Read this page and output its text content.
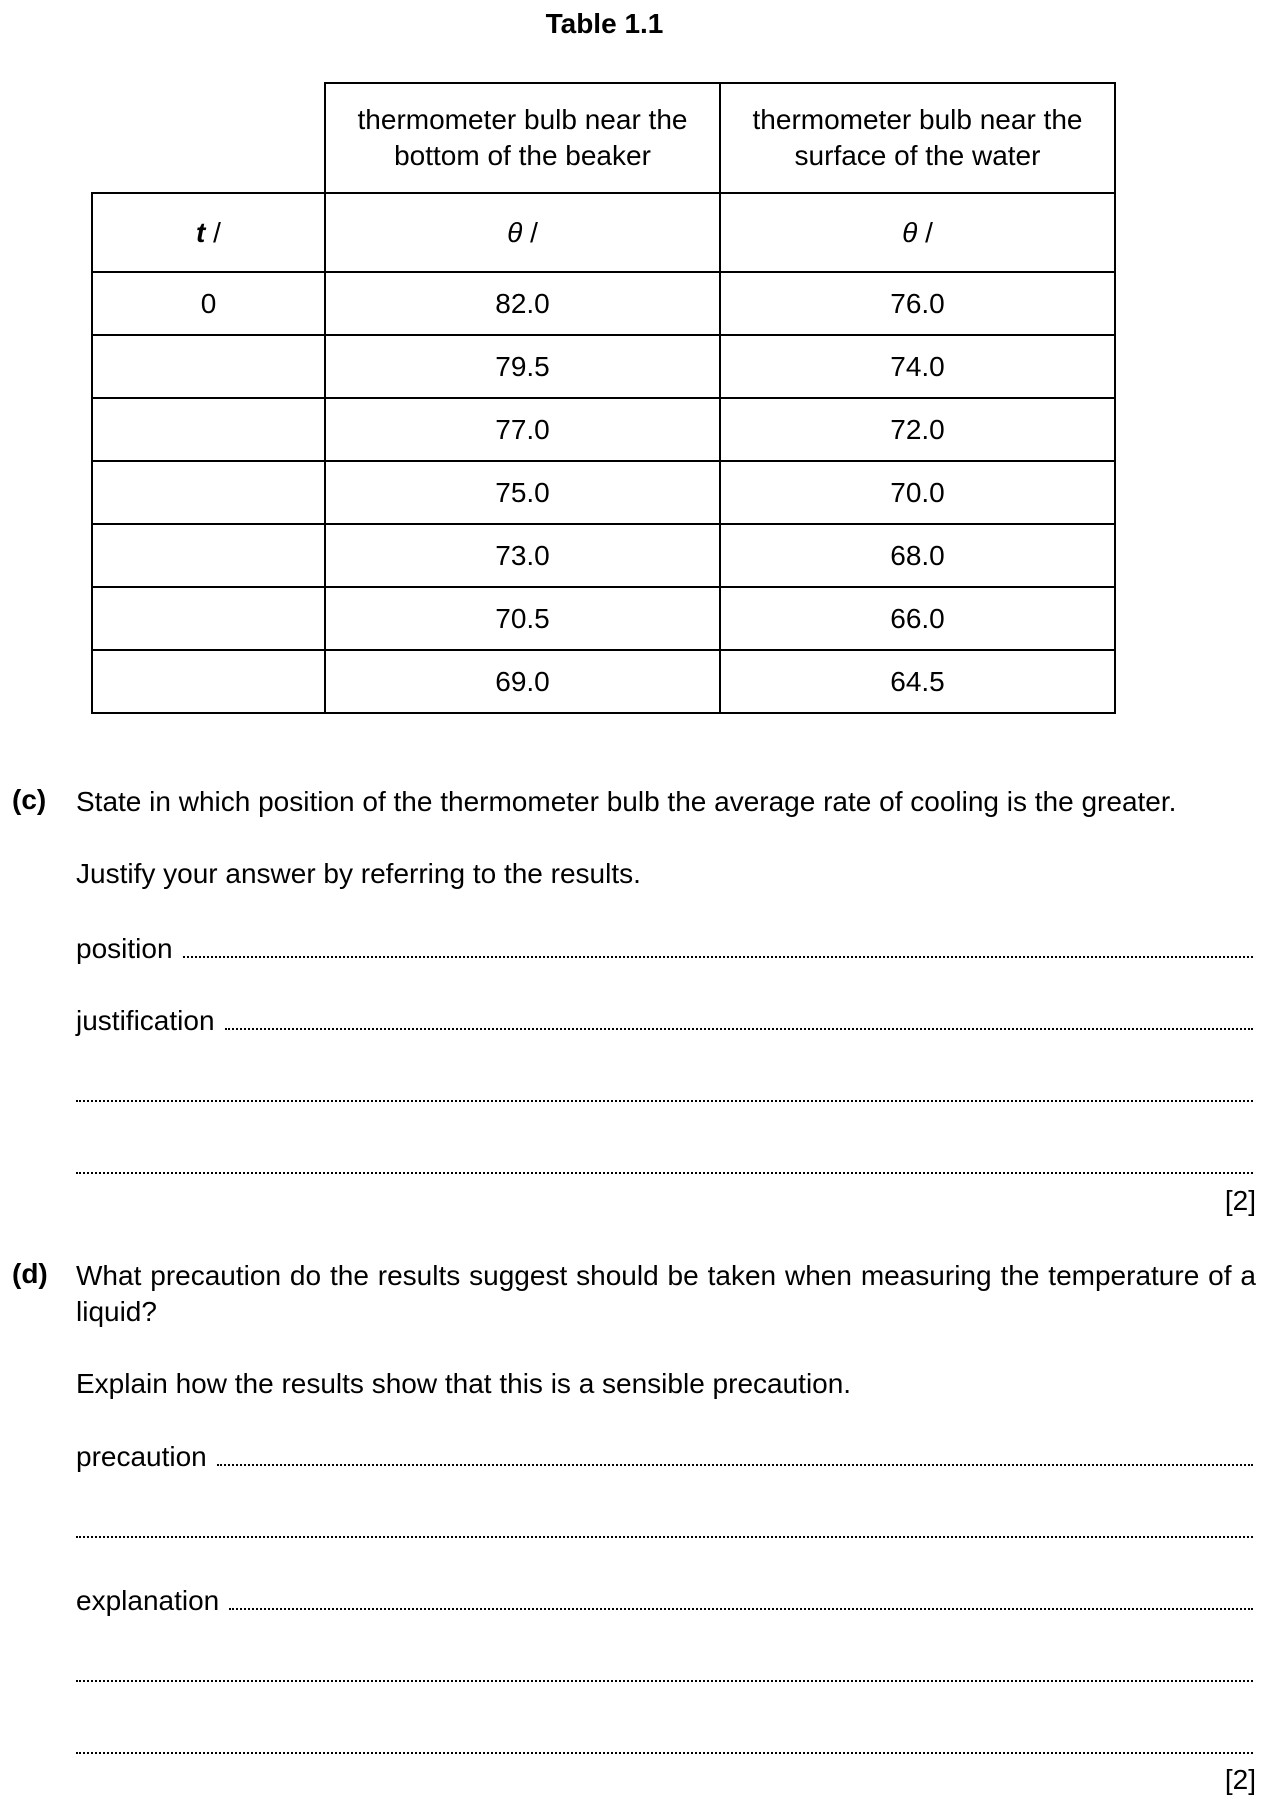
Table 1.1
	thermometer bulb near the bottom of the beaker	thermometer bulb near the surface of the water
t /	θ /	θ /
0	82.0	76.0
	79.5	74.0
	77.0	72.0
	75.0	70.0
	73.0	68.0
	70.5	66.0
	69.0	64.5
(c) State in which position of the thermometer bulb the average rate of cooling is the greater.
Justify your answer by referring to the results.
position
justification
[2]
(d) What precaution do the results suggest should be taken when measuring the temperature of a liquid?
Explain how the results show that this is a sensible precaution.
precaution
explanation
[2]
